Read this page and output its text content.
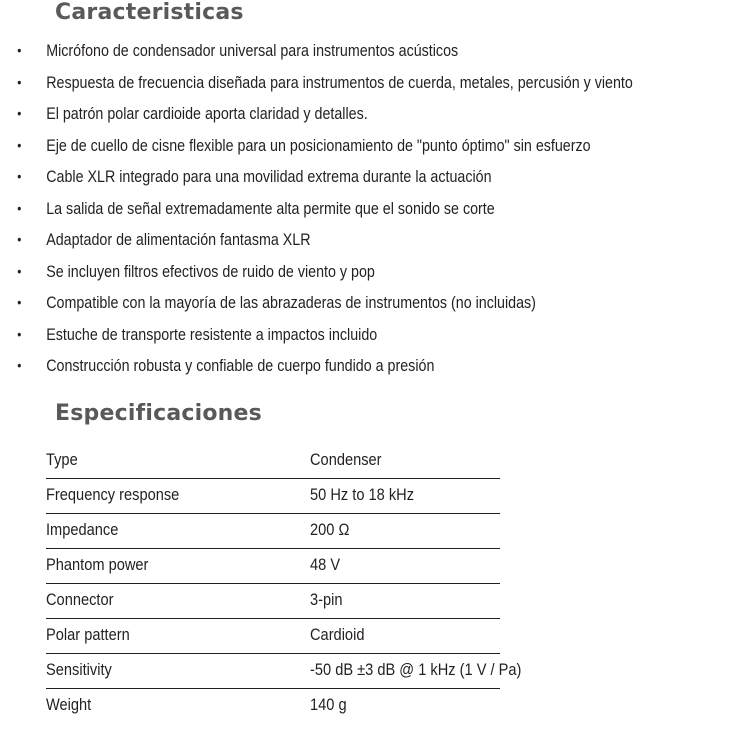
Caracteristicas
• Micrófono de condensador universal para instrumentos acústicos
• Respuesta de frecuencia diseñada para instrumentos de cuerda, metales, percusión y viento
• El patrón polar cardioide aporta claridad y detalles.
• Eje de cuello de cisne flexible para un posicionamiento de "punto óptimo" sin esfuerzo
• Cable XLR integrado para una movilidad extrema durante la actuación
• La salida de señal extremadamente alta permite que el sonido se corte
• Adaptador de alimentación fantasma XLR
• Se incluyen filtros efectivos de ruido de viento y pop
• Compatible con la mayoría de las abrazaderas de instrumentos (no incluidas)
• Estuche de transporte resistente a impactos incluido
• Construcción robusta y confiable de cuerpo fundido a presión
Especificaciones
Type	Condenser
Frequency response	50 Hz to 18 kHz
Impedance	200 Ω
Phantom power	48 V
Connector	3-pin
Polar pattern	Cardioid
Sensitivity	-50 dB ±3 dB @ 1 kHz (1 V / Pa)
Weight	140 g
